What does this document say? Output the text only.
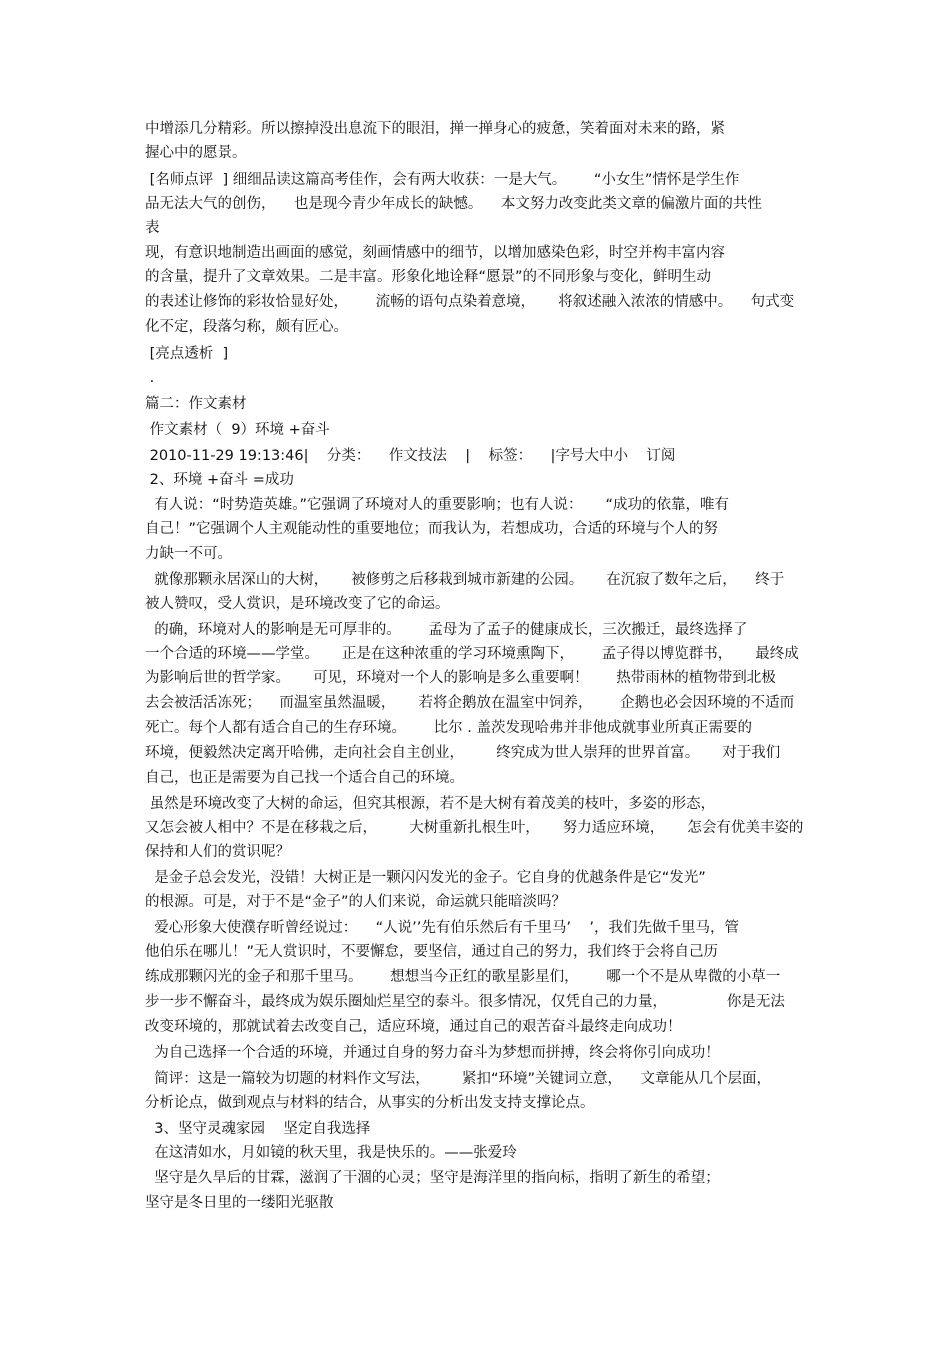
中增添几分精彩。所以擦掉没出息流下的眼泪，掸一掸身心的疲惫，笑着面对未来的路，紧

握心中的愿景。

[名师点评  ] 细细品读这篇高考佳作，会有两大收获：一是大气。      “小女生”情怀是学生作

品无法大气的创伤，    也是现今青少年成长的缺憾。    本文努力改变此类文章的偏激片面的共性

表

现，有意识地制造出画面的感觉，刻画情感中的细节，以增加感染色彩，时空并构丰富内容

的含量，提升了文章效果。二是丰富。形象化地诠释“愿景”的不同形象与变化，鲜明生动

的表述让修饰的彩妆恰显好处，      流畅的语句点染着意境，     将叙述融入浓浓的情感中。    句式变

化不定，段落匀称，颇有匠心。

[亮点透析  ]

.

篇二：作文素材

作文素材（  9）环境 +奋斗

2010-11-29 19:13:46|    分类：    作文技法    |    标签：    |字号大中小    订阅

2、环境 +奋斗 =成功

有人说：“时势造英雄。”它强调了环境对人的重要影响；也有人说：     “成功的依靠，唯有

自己！”它强调个人主观能动性的重要地位；而我认为，若想成功，合适的环境与个人的努

力缺一不可。

就像那颗永居深山的大树，     被修剪之后移栽到城市新建的公园。     在沉寂了数年之后，    终于

被人赞叹，受人赏识，是环境改变了它的命运。

的确，环境对人的影响是无可厚非的。      孟母为了孟子的健康成长，三次搬迁，最终选择了

一个合适的环境——学堂。     正是在这种浓重的学习环境熏陶下，      孟子得以博览群书，     最终成

为影响后世的哲学家。     可见，环境对一个人的影响是多么重要啊！      热带雨林的植物带到北极

去会被活活冻死；    而温室虽然温暖，     若将企鹅放在温室中饲养，      企鹅也必会因环境的不适而

死亡。每个人都有适合自己的生存环境。      比尔 . 盖茨发现哈弗并非他成就事业所真正需要的

环境，便毅然决定离开哈佛，走向社会自主创业，       终究成为世人崇拜的世界首富。     对于我们

自己，也正是需要为自己找一个适合自己的环境。

虽然是环境改变了大树的命运，但究其根源，若不是大树有着茂美的枝叶，多姿的形态，

又怎会被人相中？不是在移栽之后，       大树重新扎根生叶，     努力适应环境，     怎会有优美丰姿的

保持和人们的赏识呢？

是金子总会发光，没错！大树正是一颗闪闪发光的金子。它自身的优越条件是它“发光”

的根源。可是，对于不是“金子”的人们来说，命运就只能暗淡吗？

爱心形象大使濮存昕曾经说过：    “人说’’先有伯乐然后有千里马’    ’，我们先做千里马，管

他伯乐在哪儿！”无人赏识时，不要懈怠，要坚信，通过自己的努力，我们终于会将自己历

练成那颗闪光的金子和那千里马。      想想当今正红的歌星影星们，      哪一个不是从卑微的小草一

步一步不懈奋斗，最终成为娱乐圈灿烂星空的泰斗。很多情况，仅凭自己的力量，             你是无法

改变环境的，那就试着去改变自己，适应环境，通过自己的艰苦奋斗最终走向成功！

为自己选择一个合适的环境，并通过自身的努力奋斗为梦想而拼搏，终会将你引向成功！

简评：这是一篇较为切题的材料作文写法，       紧扣“环境”关键词立意，    文章能从几个层面，

分析论点，做到观点与材料的结合，从事实的分析出发支持支撑论点。

3、坚守灵魂家园    坚定自我选择

在这清如水，月如镜的秋天里，我是快乐的。——张爱玲

坚守是久旱后的甘霖，滋润了干涸的心灵；坚守是海洋里的指向标，指明了新生的希望；

坚守是冬日里的一缕阳光驱散
